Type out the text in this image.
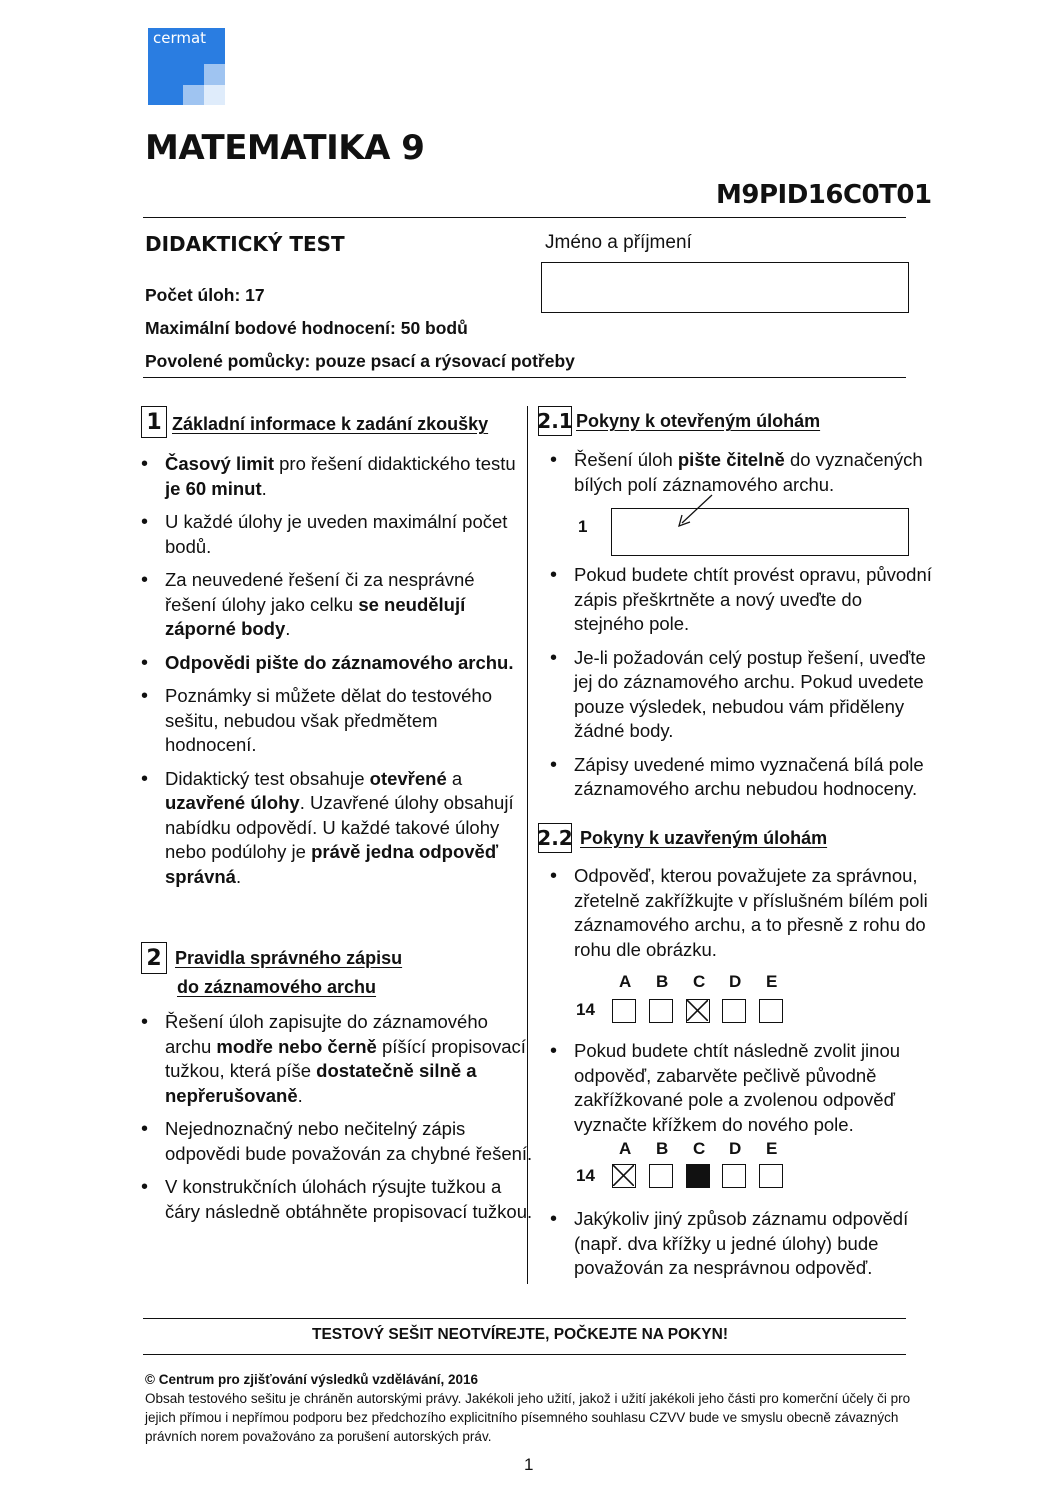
cermat
MATEMATIKA 9
M9PID16C0T01
DIDAKTICKÝ TEST	Jméno a příjmení
Počet úloh: 17
Maximální bodové hodnocení: 50 bodů
Povolené pomůcky: pouze psací a rýsovací potřeby
1 Základní informace k zadání zkoušky
• Časový limit pro řešení didaktického testu je 60 minut.
• U každé úlohy je uveden maximální počet bodů.
• Za neuvedené řešení či za nesprávné řešení úlohy jako celku se neudělují záporné body.
• Odpovědi pište do záznamového archu.
• Poznámky si můžete dělat do testového sešitu, nebudou však předmětem hodnocení.
• Didaktický test obsahuje otevřené a uzavřené úlohy. Uzavřené úlohy obsahují nabídku odpovědí. U každé takové úlohy nebo podúlohy je právě jedna odpověď správná.
2 Pravidla správného zápisu
do záznamového archu
• Řešení úloh zapisujte do záznamového archu modře nebo černě píšící propisovací tužkou, která píše dostatečně silně a nepřerušovaně.
• Nejednoznačný nebo nečitelný zápis odpovědi bude považován za chybné řešení.
• V konstrukčních úlohách rýsujte tužkou a čáry následně obtáhněte propisovací tužkou.
2.1 Pokyny k otevřeným úlohám
• Řešení úloh pište čitelně do vyznačených bílých polí záznamového archu.
1
• Pokud budete chtít provést opravu, původní zápis přeškrtněte a nový uveďte do stejného pole.
• Je-li požadován celý postup řešení, uveďte jej do záznamového archu. Pokud uvedete pouze výsledek, nebudou vám přiděleny žádné body.
• Zápisy uvedené mimo vyznačená bílá pole záznamového archu nebudou hodnoceny.
2.2 Pokyny k uzavřeným úlohám
• Odpověď, kterou považujete za správnou, zřetelně zakřížkujte v příslušném bílém poli záznamového archu, a to přesně z rohu do rohu dle obrázku.
14
A B C D E
• Pokud budete chtít následně zvolit jinou odpověď, zabarvěte pečlivě původně zakřížkované pole a zvolenou odpověď vyznačte křížkem do nového pole.
14
A B C D E
• Jakýkoliv jiný způsob záznamu odpovědí (např. dva křížky u jedné úlohy) bude považován za nesprávnou odpověď.
TESTOVÝ SEŠIT NEOTVÍREJTE, POČKEJTE NA POKYN!
© Centrum pro zjišťování výsledků vzdělávání, 2016
Obsah testového sešitu je chráněn autorskými právy. Jakékoli jeho užití, jakož i užití jakékoli jeho části pro komerční účely či pro jejich přímou i nepřímou podporu bez předchozího explicitního písemného souhlasu CZVV bude ve smyslu obecně závazných právních norem považováno za porušení autorských práv.
1
